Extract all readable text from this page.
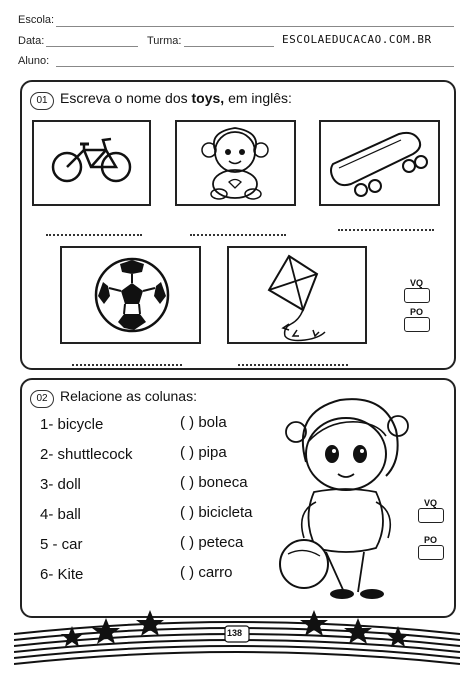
Escola:
Data:	Turma:	ESCOLAEDUCACAO.COM.BR
Aluno:
01 Escreva o nome dos toys, em inglês:
VQ
PO
02 Relacione as colunas:
1- bicycle
2- shuttlecock
3- doll
4- ball
5 - car
6- Kite
( ) bola
( ) pipa
( ) boneca
( ) bicicleta
( ) peteca
( ) carro
VQ
PO
138
